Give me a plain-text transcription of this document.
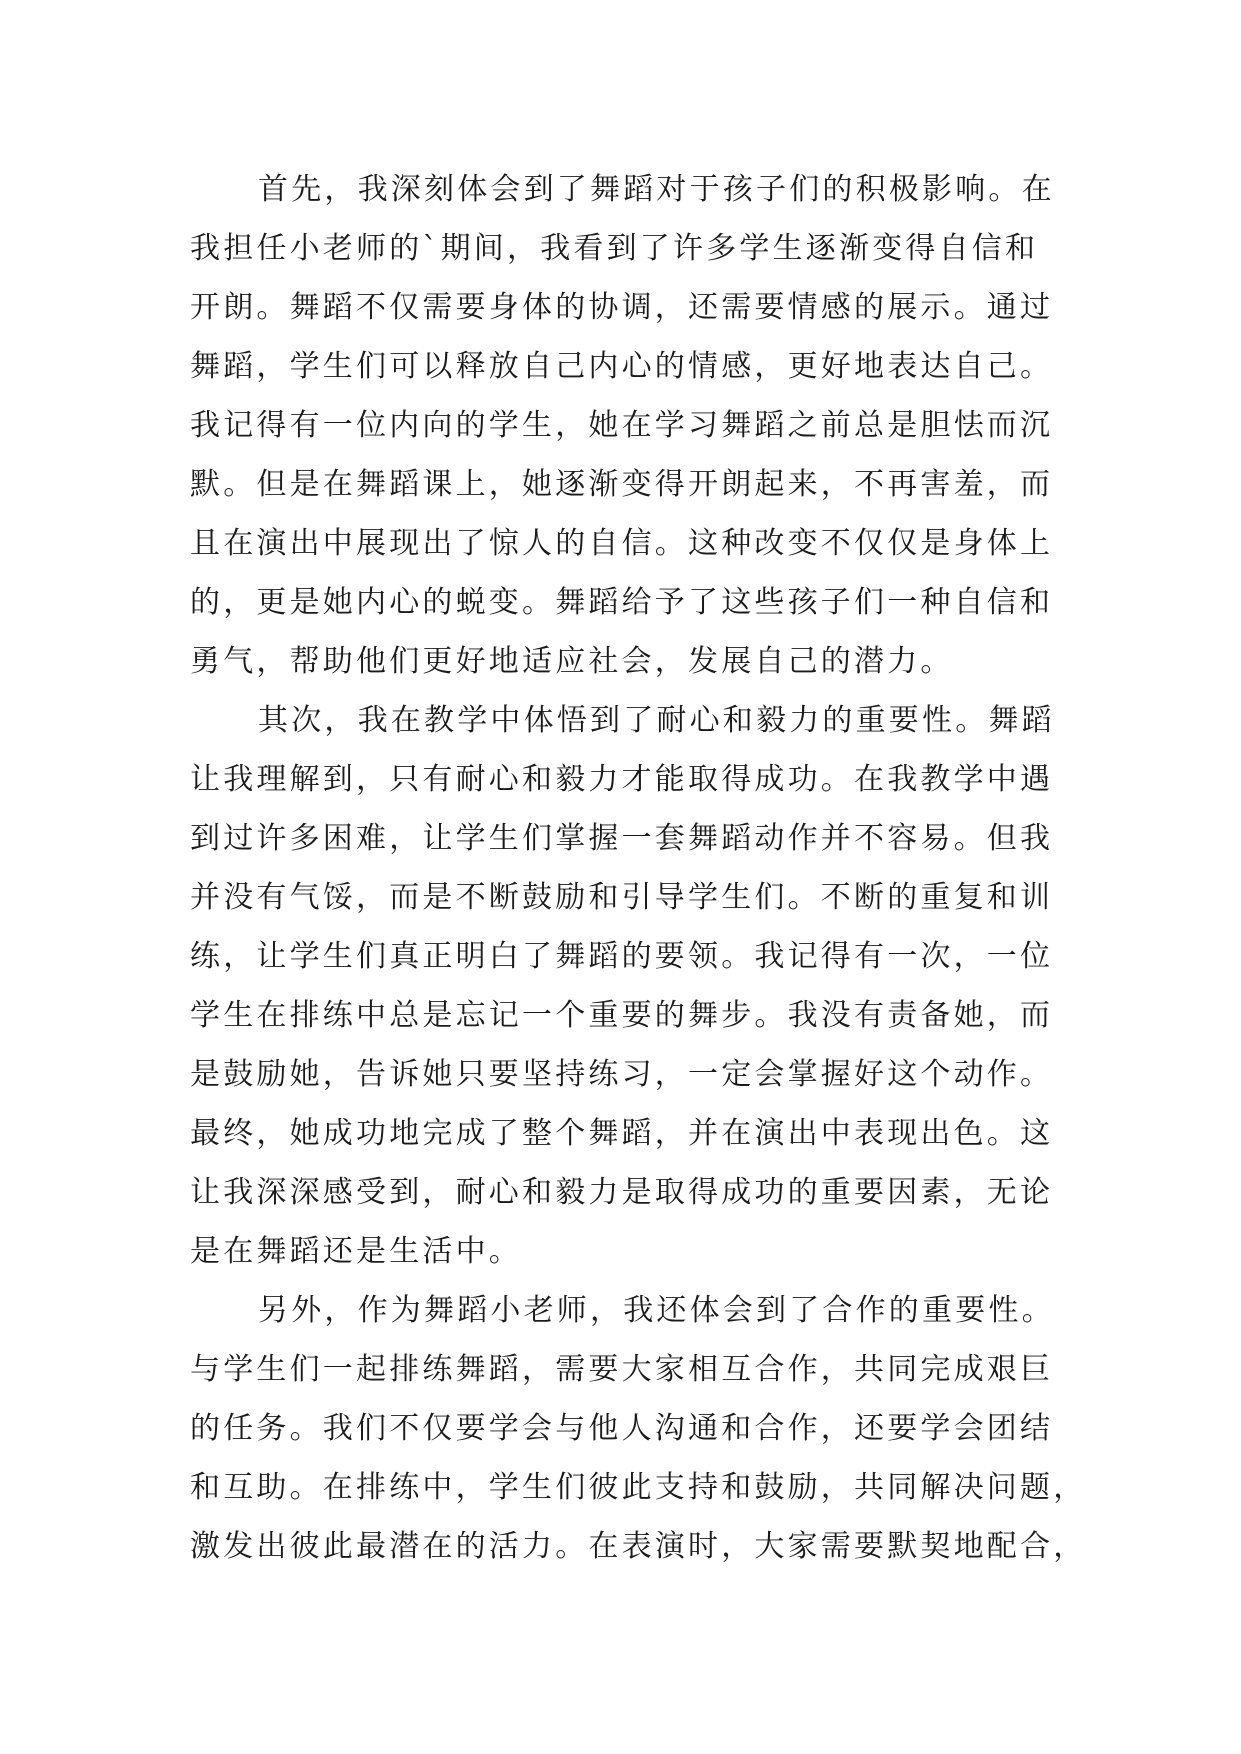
首先，我深刻体会到了舞蹈对于孩子们的积极影响。在
我担任小老师的`期间，我看到了许多学生逐渐变得自信和
开朗。舞蹈不仅需要身体的协调，还需要情感的展示。通过
舞蹈，学生们可以释放自己内心的情感，更好地表达自己。
我记得有一位内向的学生，她在学习舞蹈之前总是胆怯而沉
默。但是在舞蹈课上，她逐渐变得开朗起来，不再害羞，而
且在演出中展现出了惊人的自信。这种改变不仅仅是身体上
的，更是她内心的蜕变。舞蹈给予了这些孩子们一种自信和
勇气，帮助他们更好地适应社会，发展自己的潜力。
其次，我在教学中体悟到了耐心和毅力的重要性。舞蹈
让我理解到，只有耐心和毅力才能取得成功。在我教学中遇
到过许多困难，让学生们掌握一套舞蹈动作并不容易。但我
并没有气馁，而是不断鼓励和引导学生们。不断的重复和训
练，让学生们真正明白了舞蹈的要领。我记得有一次，一位
学生在排练中总是忘记一个重要的舞步。我没有责备她，而
是鼓励她，告诉她只要坚持练习，一定会掌握好这个动作。
最终，她成功地完成了整个舞蹈，并在演出中表现出色。这
让我深深感受到，耐心和毅力是取得成功的重要因素，无论
是在舞蹈还是生活中。
另外，作为舞蹈小老师，我还体会到了合作的重要性。
与学生们一起排练舞蹈，需要大家相互合作，共同完成艰巨
的任务。我们不仅要学会与他人沟通和合作，还要学会团结
和互助。在排练中，学生们彼此支持和鼓励，共同解决问题，
激发出彼此最潜在的活力。在表演时，大家需要默契地配合，
